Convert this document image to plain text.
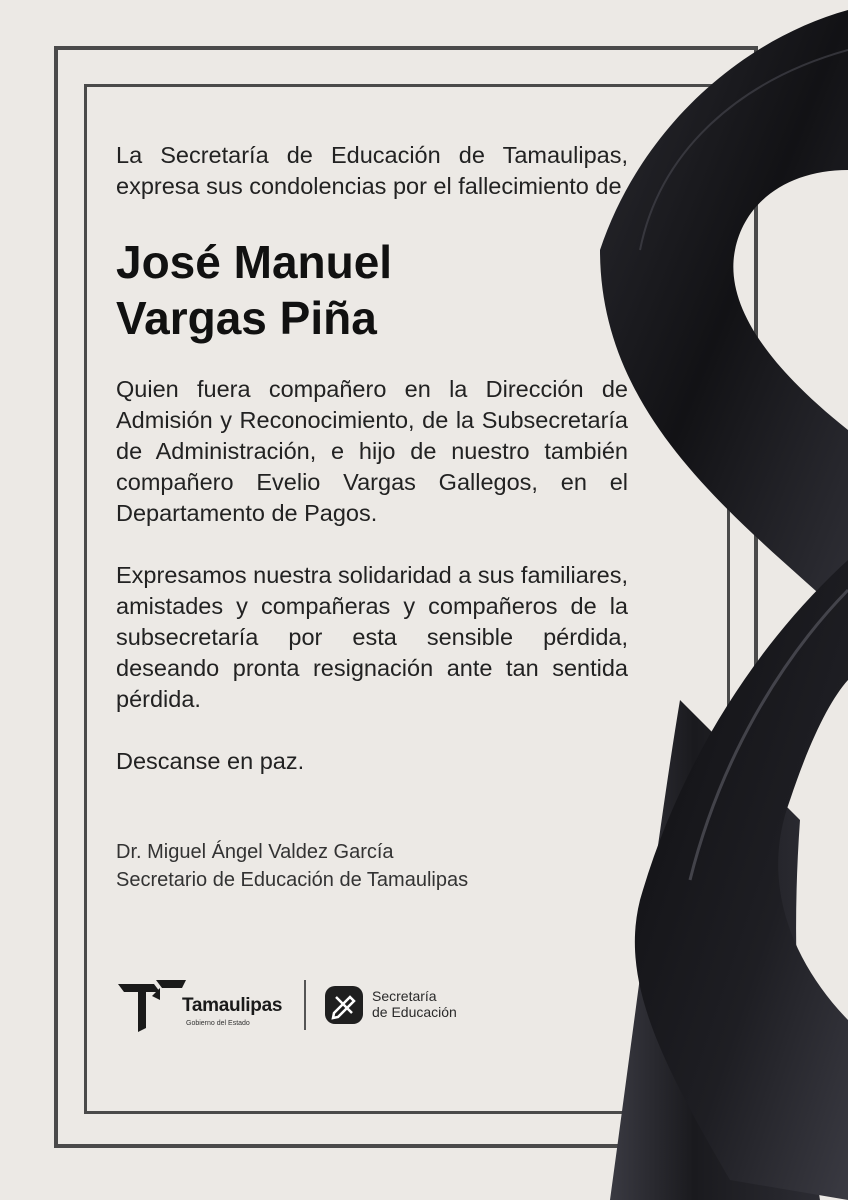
La Secretaría de Educación de Tamaulipas, expresa sus condolencias por el fallecimiento de

José Manuel
Vargas Piña

Quien fuera compañero en la Dirección de Admisión y Reconocimiento, de la Subsecretaría de Administración, e hijo de nuestro también compañero Evelio Vargas Gallegos, en el Departamento de Pagos.

Expresamos nuestra solidaridad a sus familiares, amistades y compañeras y compañeros de la subsecretaría por esta sensible pérdida, deseando pronta resignación ante tan sentida pérdida.

Descanse en paz.

Dr. Miguel Ángel Valdez García
Secretario de Educación de Tamaulipas
Tamaulipas
Gobierno del Estado
Secretaría
de Educación
